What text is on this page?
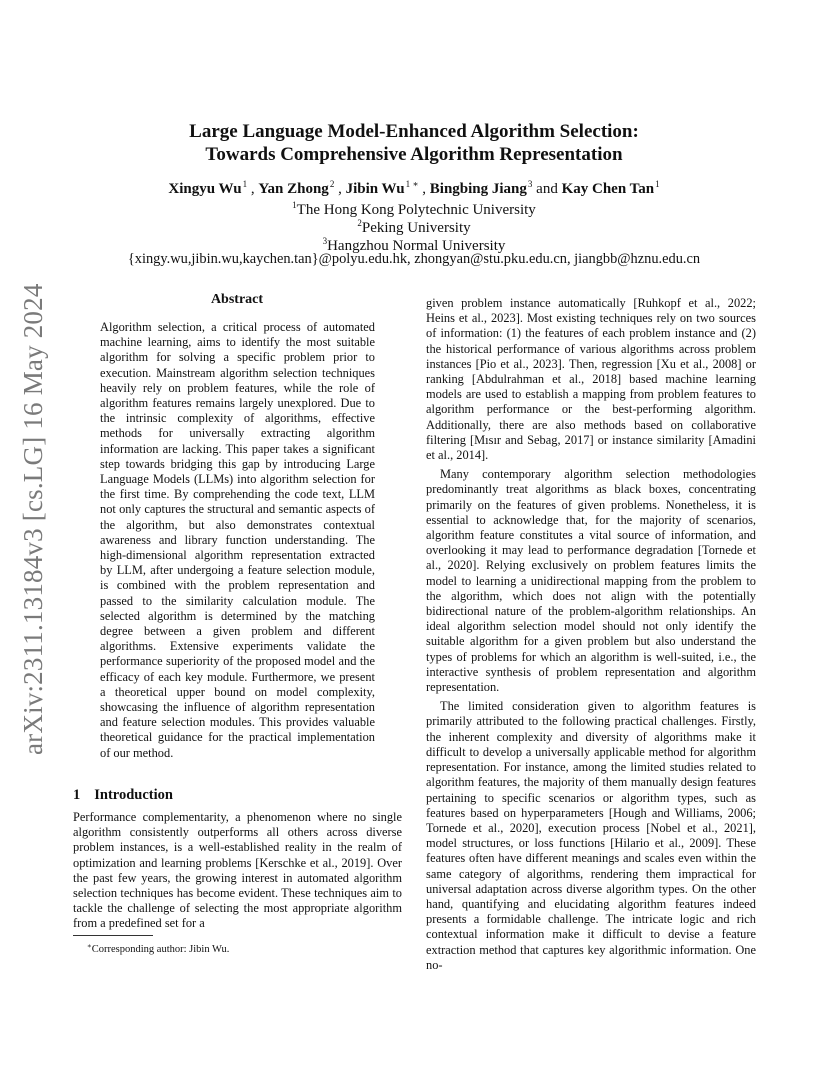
arXiv:2311.13184v3 [cs.LG] 16 May 2024
Large Language Model-Enhanced Algorithm Selection:
Towards Comprehensive Algorithm Representation
Xingyu Wu$^1$ , Yan Zhong$^2$ , Jibin $Wu^{1 ∗}$ , Bingbing Jiang$^3$ and Kay Chen Tan$^1$
$^1$The Hong Kong Polytechnic University
$^2$Peking University
$^3$Hangzhou Normal University
{xingy.wu,jibin.wu,kaychen.tan}@polyu.edu.hk, zhongyan@stu.pku.edu.cn, jiangbb@hznu.edu.cn
Abstract

Algorithm selection, a critical process of automated machine learning, aims to identify the most suitable algorithm for solving a specific problem prior to execution. Mainstream algorithm selection techniques heavily rely on problem features, while the role of algorithm features remains largely unexplored. Due to the intrinsic complexity of algorithms, effective methods for universally extracting algorithm information are lacking. This paper takes a significant step towards bridging this gap by introducing Large Language Models (LLMs) into algorithm selection for the first time. By comprehending the code text, LLM not only captures the structural and semantic aspects of the algorithm, but also demonstrates contextual awareness and library function understanding. The high-dimensional algorithm representation extracted by LLM, after undergoing a feature selection module, is combined with the problem representation and passed to the similarity calculation module. The selected algorithm is determined by the matching degree between a given problem and different algorithms. Extensive experiments validate the performance superiority of the proposed model and the efficacy of each key module. Furthermore, we present a theoretical upper bound on model complexity, showcasing the influence of algorithm representation and feature selection modules. This provides valuable theoretical guidance for the practical implementation of our method.

1 Introduction

Performance complementarity, a phenomenon where no single algorithm consistently outperforms all others across diverse problem instances, is a well-established reality in the realm of optimization and learning problems [Kerschke et al., 2019]. Over the past few years, the growing interest in automated algorithm selection techniques has become evident. These techniques aim to tackle the challenge of selecting the most appropriate algorithm from a predefined set for a

∗Corresponding author: Jibin Wu.

given problem instance automatically [Ruhkopf et al., 2022; Heins et al., 2023]. Most existing techniques rely on two sources of information: (1) the features of each problem instance and (2) the historical performance of various algorithms across problem instances [Pio et al., 2023]. Then, regression [Xu et al., 2008] or ranking [Abdulrahman et al., 2018] based machine learning models are used to establish a mapping from problem features to algorithm performance or the best-performing algorithm. Additionally, there are also methods based on collaborative filtering [Mısır and Sebag, 2017] or instance similarity [Amadini et al., 2014].

Many contemporary algorithm selection methodologies predominantly treat algorithms as black boxes, concentrating primarily on the features of given problems. Nonetheless, it is essential to acknowledge that, for the majority of scenarios, algorithm feature constitutes a vital source of information, and overlooking it may lead to performance degradation [Tornede et al., 2020]. Relying exclusively on problem features limits the model to learning a unidirectional mapping from the problem to the algorithm, which does not align with the potentially bidirectional nature of the problem-algorithm relationships. An ideal algorithm selection model should not only identify the suitable algorithm for a given problem but also understand the types of problems for which an algorithm is well-suited, i.e., the interactive synthesis of problem representation and algorithm representation.

The limited consideration given to algorithm features is primarily attributed to the following practical challenges. Firstly, the inherent complexity and diversity of algorithms make it difficult to develop a universally applicable method for algorithm representation. For instance, among the limited studies related to algorithm features, the majority of them manually design features pertaining to specific scenarios or algorithm types, such as features based on hyperparameters [Hough and Williams, 2006; Tornede et al., 2020], execution process [Nobel et al., 2021], model structures, or loss functions [Hilario et al., 2009]. These features often have different meanings and scales even within the same category of algorithms, rendering them impractical for universal adaptation across diverse algorithm types. On the other hand, quantifying and elucidating algorithm features indeed presents a formidable challenge. The intricate logic and rich contextual information make it difficult to devise a feature extraction method that captures key algorithmic information. One no-
